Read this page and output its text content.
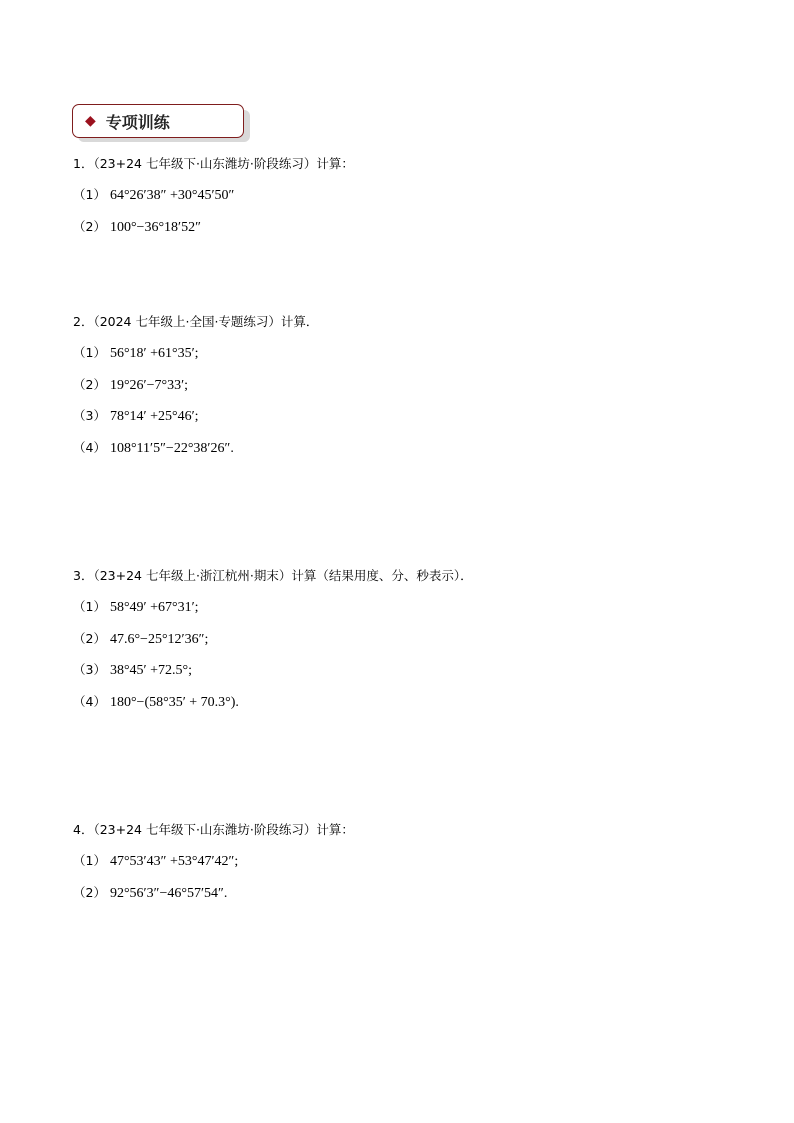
◆ 专项训练
1．（23+24 七年级下·山东潍坊·阶段练习）计算：
（1） 64°26′38″ +30°45′50″
（2） 100°−36°18′52″
2．（2024 七年级上·全国·专题练习）计算．
（1） 56°18′ +61°35′;
（2） 19°26′−7°33′;
（3） 78°14′ +25°46′;
（4） 108°11′5″−22°38′26″.
3．（23+24 七年级上·浙江杭州·期末）计算（结果用度、分、秒表示）．
（1） 58°49′ +67°31′;
（2） 47.6°−25°12′36″;
（3） 38°45′ +72.5°;
（4） 180°−(58°35′ + 70.3°).
4．（23+24 七年级下·山东潍坊·阶段练习）计算：
（1） 47°53′43″ +53°47′42″;
（2） 92°56′3″−46°57′54″.
